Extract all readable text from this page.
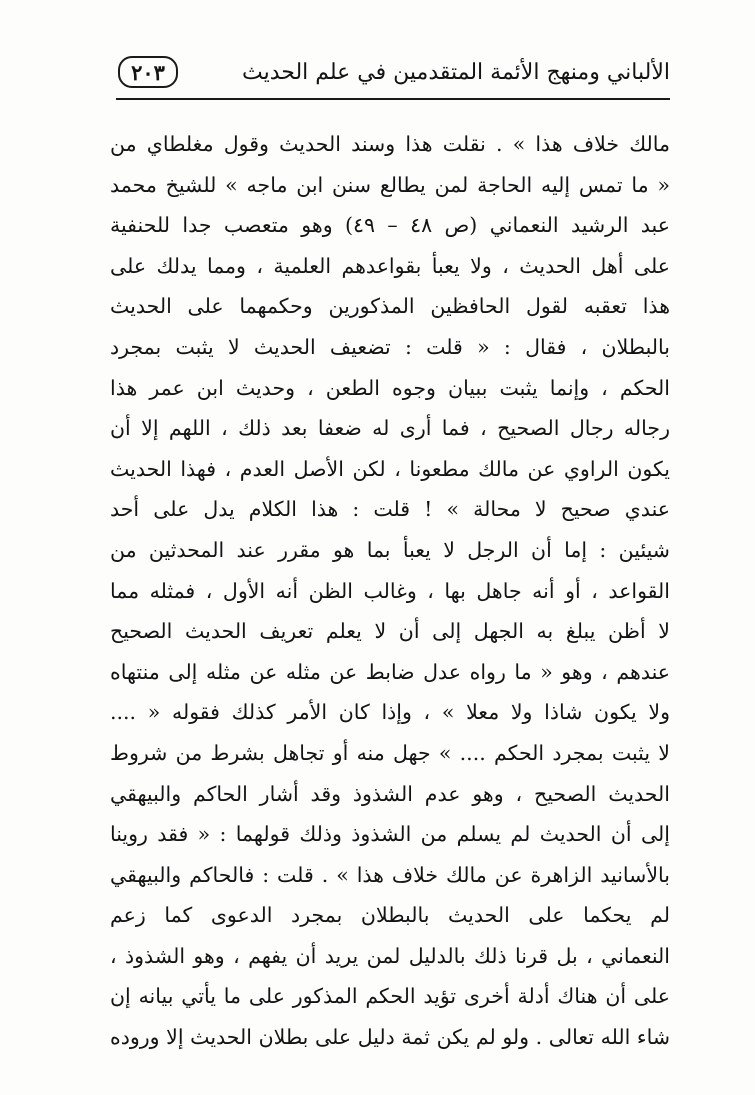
الألباني ومنهج الأئمة المتقدمين في علم الحديث
٢٠٣
مالك خلاف هذا » . نقلت هذا وسند الحديث وقول مغلطاي من
« ما تمس إليه الحاجة لمن يطالع سنن ابن ماجه » للشيخ محمد
عبد الرشيد النعماني (ص ٤٨ – ٤٩) وهو متعصب جدا للحنفية
على أهل الحديث ، ولا يعبأ بقواعدهم العلمية ، ومما يدلك على
هذا تعقبه لقول الحافظين المذكورين وحكمهما على الحديث
بالبطلان ، فقال : « قلت : تضعيف الحديث لا يثبت بمجرد
الحكم ، وإنما يثبت ببيان وجوه الطعن ، وحديث ابن عمر هذا
رجاله رجال الصحيح ، فما أرى له ضعفا بعد ذلك ، اللهم إلا أن
يكون الراوي عن مالك مطعونا ، لكن الأصل العدم ، فهذا الحديث
عندي صحيح لا محالة » ! قلت : هذا الكلام يدل على أحد
شيئين : إما أن الرجل لا يعبأ بما هو مقرر عند المحدثين من
القواعد ، أو أنه جاهل بها ، وغالب الظن أنه الأول ، فمثله مما
لا أظن يبلغ به الجهل إلى أن لا يعلم تعريف الحديث الصحيح
عندهم ، وهو « ما رواه عدل ضابط عن مثله عن مثله إلى منتهاه
ولا يكون شاذا ولا معلا » ، وإذا كان الأمر كذلك فقوله « ....
لا يثبت بمجرد الحكم .... » جهل منه أو تجاهل بشرط من شروط
الحديث الصحيح ، وهو عدم الشذوذ وقد أشار الحاكم والبيهقي
إلى أن الحديث لم يسلم من الشذوذ وذلك قولهما : « فقد روينا
بالأسانيد الزاهرة عن مالك خلاف هذا » . قلت : فالحاكم والبيهقي
لم يحكما على الحديث بالبطلان بمجرد الدعوى كما زعم
النعماني ، بل قرنا ذلك بالدليل لمن يريد أن يفهم ، وهو الشذوذ ،
على أن هناك أدلة أخرى تؤيد الحكم المذكور على ما يأتي بيانه إن
شاء الله تعالى . ولو لم يكن ثمة دليل على بطلان الحديث إلا وروده
